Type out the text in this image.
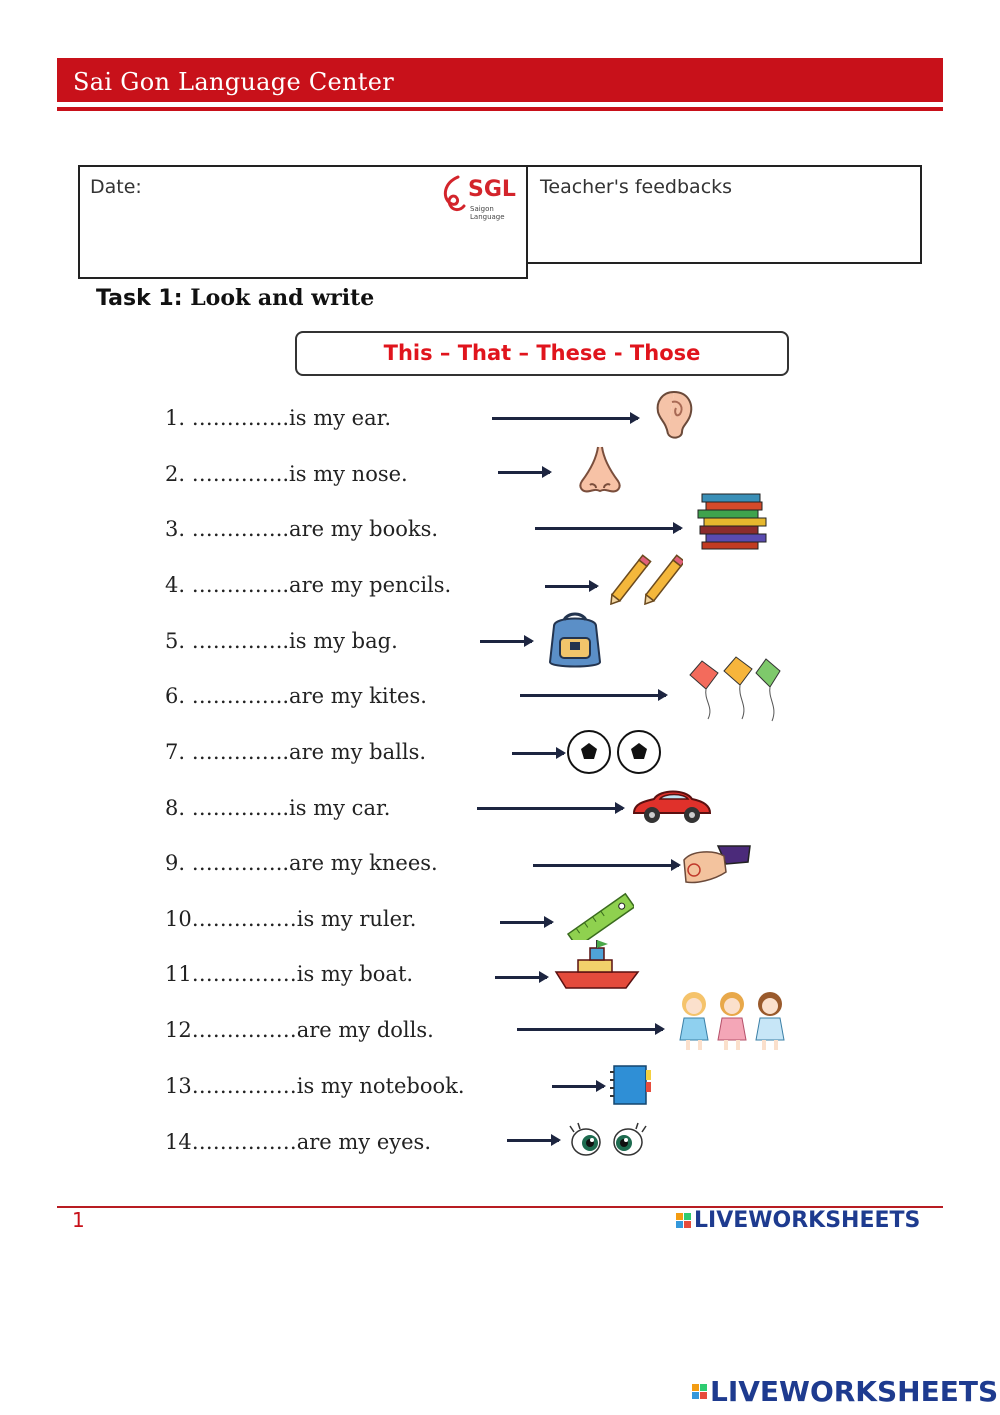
Sai Gon Language Center
Date:	SGL
Saigon Language
Teacher's feedbacks
Task 1: Look and write
This – That – These - Those
1. …………..is my ear.
2. …………..is my nose.
3. …………..are my books.
4. …………..are my pencils.
5. …………..is my bag.
6. …………..are my kites.
7. …………..are my balls.
8. …………..is my car.
9. …………..are my knees.
10……………is my ruler.
11……………is my boat.
12……………are my dolls.
13……………is my notebook.
14……………are my eyes.
1	LIVEWORKSHEETS
LIVEWORKSHEETS
